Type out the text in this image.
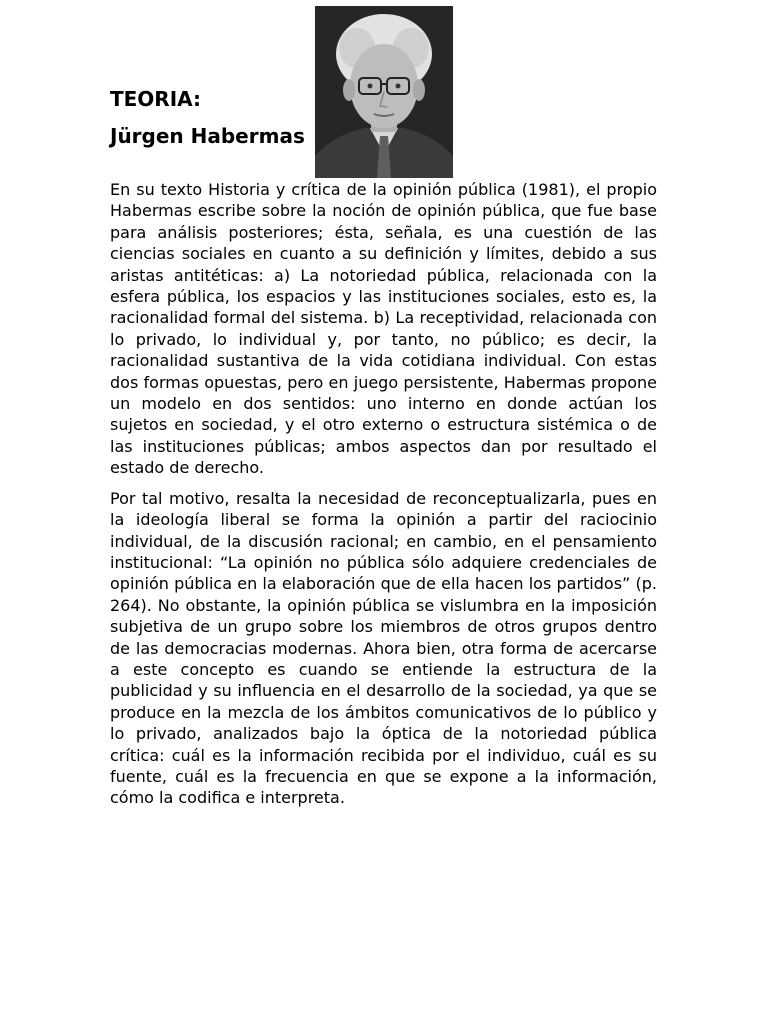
TEORIA:
Jürgen Habermas

En su texto Historia y crítica de la opinión pública (1981), el propio Habermas escribe sobre la noción de opinión pública, que fue base para análisis posteriores; ésta, señala, es una cuestión de las ciencias sociales en cuanto a su definición y límites, debido a sus aristas antitéticas: a) La notoriedad pública, relacionada con la esfera pública, los espacios y las instituciones sociales, esto es, la racionalidad formal del sistema. b) La receptividad, relacionada con lo privado, lo individual y, por tanto, no público; es decir, la racionalidad sustantiva de la vida cotidiana individual. Con estas dos formas opuestas, pero en juego persistente, Habermas propone un modelo en dos sentidos: uno interno en donde actúan los sujetos en sociedad, y el otro externo o estructura sistémica o de las instituciones públicas; ambos aspectos dan por resultado el estado de derecho.

Por tal motivo, resalta la necesidad de reconceptualizarla, pues en la ideología liberal se forma la opinión a partir del raciocinio individual, de la discusión racional; en cambio, en el pensamiento institucional: “La opinión no pública sólo adquiere credenciales de opinión pública en la elaboración que de ella hacen los partidos” (p. 264). No obstante, la opinión pública se vislumbra en la imposición subjetiva de un grupo sobre los miembros de otros grupos dentro de las democracias modernas. Ahora bien, otra forma de acercarse a este concepto es cuando se entiende la estructura de la publicidad y su influencia en el desarrollo de la sociedad, ya que se produce en la mezcla de los ámbitos comunicativos de lo público y lo privado, analizados bajo la óptica de la notoriedad pública crítica: cuál es la información recibida por el individuo, cuál es su fuente, cuál es la frecuencia en que se expone a la información, cómo la codifica e interpreta.
